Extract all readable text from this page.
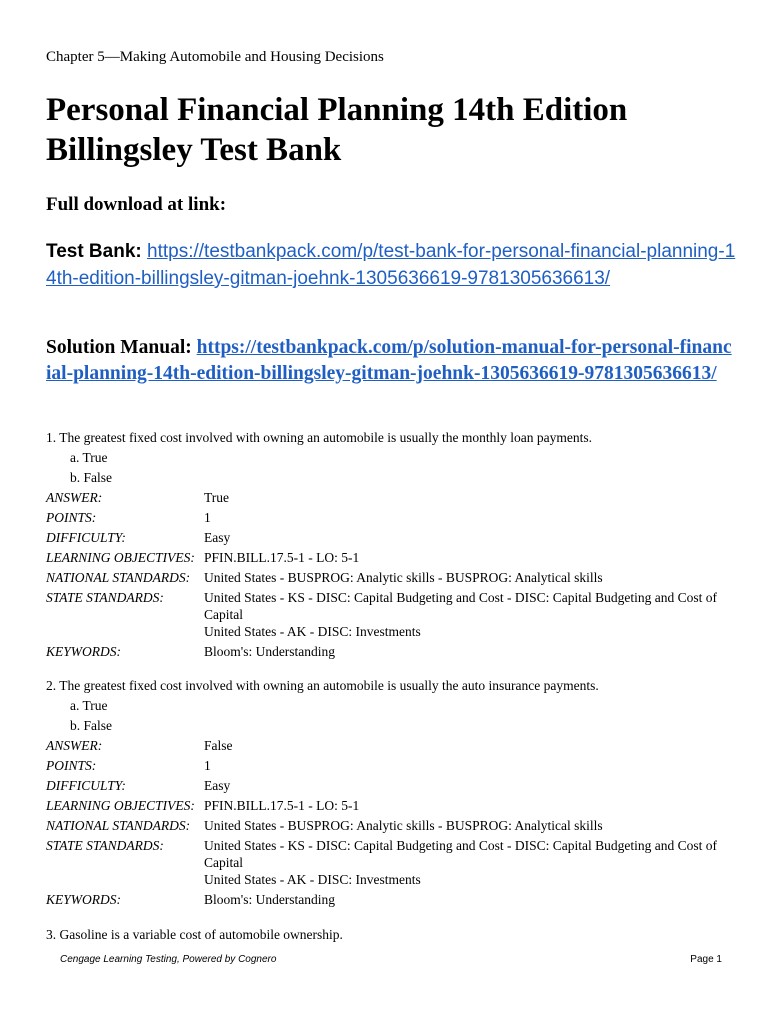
Chapter 5—Making Automobile and Housing Decisions
Personal Financial Planning 14th Edition Billingsley Test Bank
Full download at link:
Test Bank: https://testbankpack.com/p/test-bank-for-personal-financial-planning-14th-edition-billingsley-gitman-joehnk-1305636619-9781305636613/
Solution Manual: https://testbankpack.com/p/solution-manual-for-personal-financial-planning-14th-edition-billingsley-gitman-joehnk-1305636619-9781305636613/

1. The greatest fixed cost involved with owning an automobile is usually the monthly loan payments.

a. True

b. False

ANSWER:	True
POINTS:	1
DIFFICULTY:	Easy
LEARNING OBJECTIVES:	PFIN.BILL.17.5-1 - LO: 5-1
NATIONAL STANDARDS:	United States - BUSPROG: Analytic skills - BUSPROG: Analytical skills
STATE STANDARDS:	United States - KS - DISC: Capital Budgeting and Cost - DISC: Capital Budgeting and Cost of Capital
United States - AK - DISC: Investments

KEYWORDS:	Bloom's: Understanding

2. The greatest fixed cost involved with owning an automobile is usually the auto insurance payments.

a. True

b. False

ANSWER:	False
POINTS:	1
DIFFICULTY:	Easy
LEARNING OBJECTIVES:	PFIN.BILL.17.5-1 - LO: 5-1
NATIONAL STANDARDS:	United States - BUSPROG: Analytic skills - BUSPROG: Analytical skills
STATE STANDARDS:	United States - KS - DISC: Capital Budgeting and Cost - DISC: Capital Budgeting and Cost of Capital
United States - AK - DISC: Investments

KEYWORDS:	Bloom's: Understanding

3. Gasoline is a variable cost of automobile ownership.

Cengage Learning Testing, Powered by Cognero	Page 1
